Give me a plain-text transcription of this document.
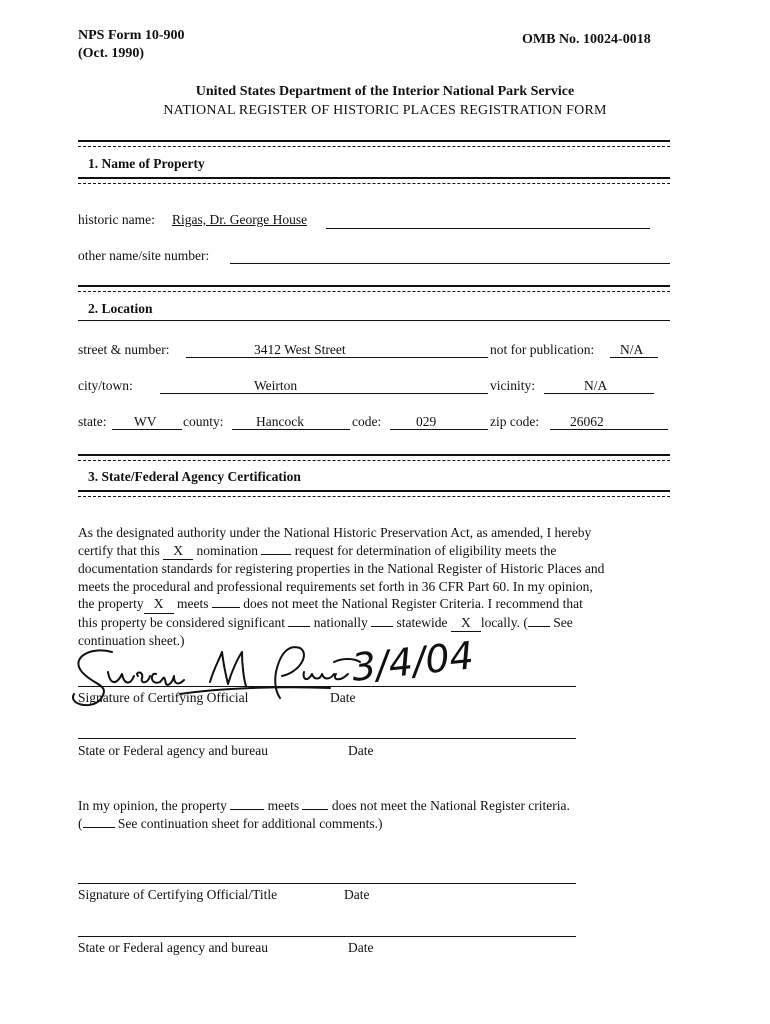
NPS Form 10-900
(Oct. 1990)
OMB No. 10024-0018
United States Department of the Interior National Park Service
NATIONAL REGISTER OF HISTORIC PLACES REGISTRATION FORM
1. Name of Property
historic name: Rigas, Dr. George House
other name/site number:
2. Location
street & number:	3412 West Street	not for publication: N/A
city/town:	Weirton	vicinity:	N/A
state: WV county: Hancock	code:	029	zip code: 26062
3. State/Federal Agency Certification
As the designated authority under the National Historic Preservation Act, as amended, I hereby
certify that this X nomination	request for determination of eligibility meets the
documentation standards for registering properties in the National Register of Historic Places and
meets the procedural and professional requirements set forth in 36 CFR Part 60. In my opinion,
the property X meets	does not meet the National Register Criteria. I recommend that
this property be considered significant nationally statewide X locally. ( See
continuation sheet.)	3/4/04
Signature of Certifying Official	Date
State or Federal agency and bureau	Date
In my opinion, the property	meets does not meet the National Register criteria.
(	See continuation sheet for additional comments.)
Signature of Certifying Official/Title	Date
State or Federal agency and bureau	Date
